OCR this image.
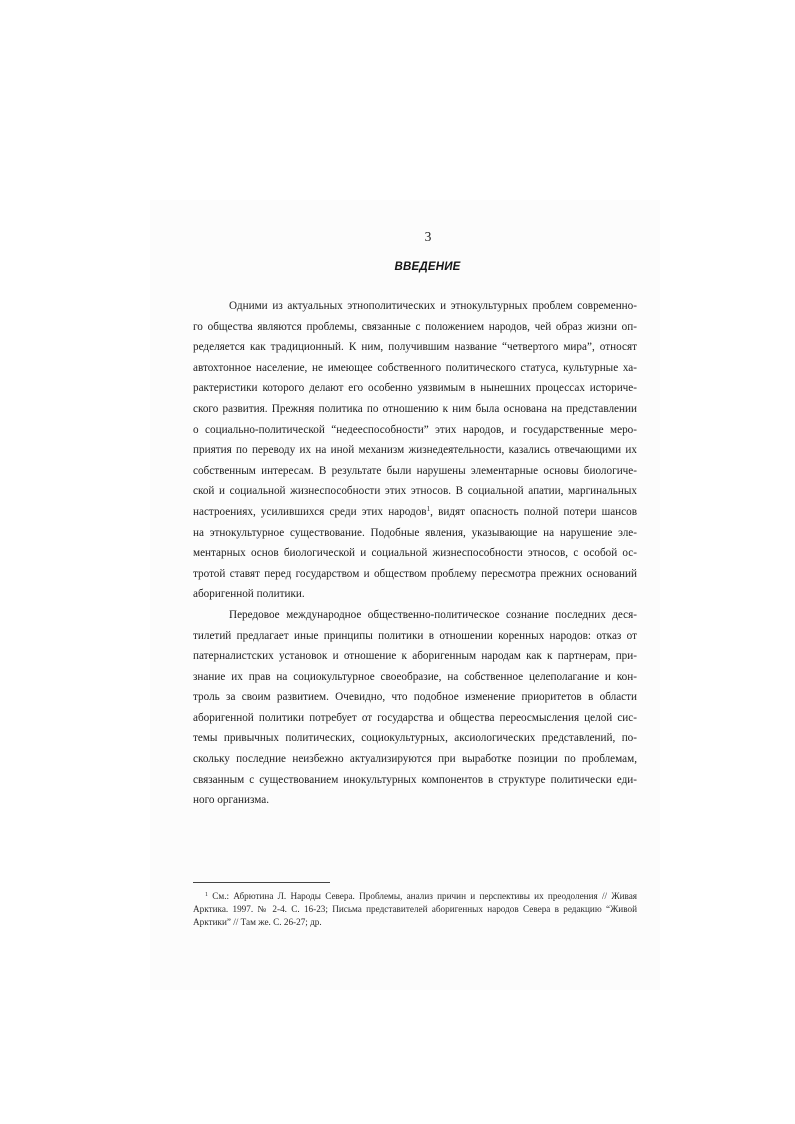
3
ВВЕДЕНИЕ
Одними из актуальных этнополитических и этнокультурных проблем современно-
го общества являются проблемы, связанные с положением народов, чей образ жизни оп-
ределяется как традиционный. К ним, получившим название “четвертого мира”, относят
автохтонное население, не имеющее собственного политического статуса, культурные ха-
рактеристики которого делают его особенно уязвимым в нынешних процессах историче-
ского развития. Прежняя политика по отношению к ним была основана на представлении
о социально-политической “недееспособности” этих народов, и государственные меро-
приятия по переводу их на иной механизм жизнедеятельности, казались отвечающими их
собственным интересам. В результате были нарушены элементарные основы биологиче-
ской и социальной жизнеспособности этих этносов. В социальной апатии, маргинальных
настроениях, усилившихся среди этих народов$^1$, видят опасность полной потери шансов
на этнокультурное существование. Подобные явления, указывающие на нарушение эле-
ментарных основ биологической и социальной жизнеспособности этносов, с особой ос-
тротой ставят перед государством и обществом проблему пересмотра прежних оснований
аборигенной политики.
Передовое международное общественно-политическое сознание последних деся-
тилетий предлагает иные принципы политики в отношении коренных народов: отказ от
патерналистских установок и отношение к аборигенным народам как к партнерам, при-
знание их прав на социокультурное своеобразие, на собственное целеполагание и кон-
троль за своим развитием. Очевидно, что подобное изменение приоритетов в области
аборигенной политики потребует от государства и общества переосмысления целой сис-
темы привычных политических, социокультурных, аксиологических представлений, по-
скольку последние неизбежно актуализируются при выработке позиции по проблемам,
связанным с существованием инокультурных компонентов в структуре политически еди-
ного организма.
$^1$ См.: Абрютина Л. Народы Севера. Проблемы, анализ причин и перспективы их преодоления // Живая
Арктика. 1997. № 2-4. С. 16-23; Письма представителей аборигенных народов Севера в редакцию “Живой
Арктики” // Там же. С. 26-27; др.
